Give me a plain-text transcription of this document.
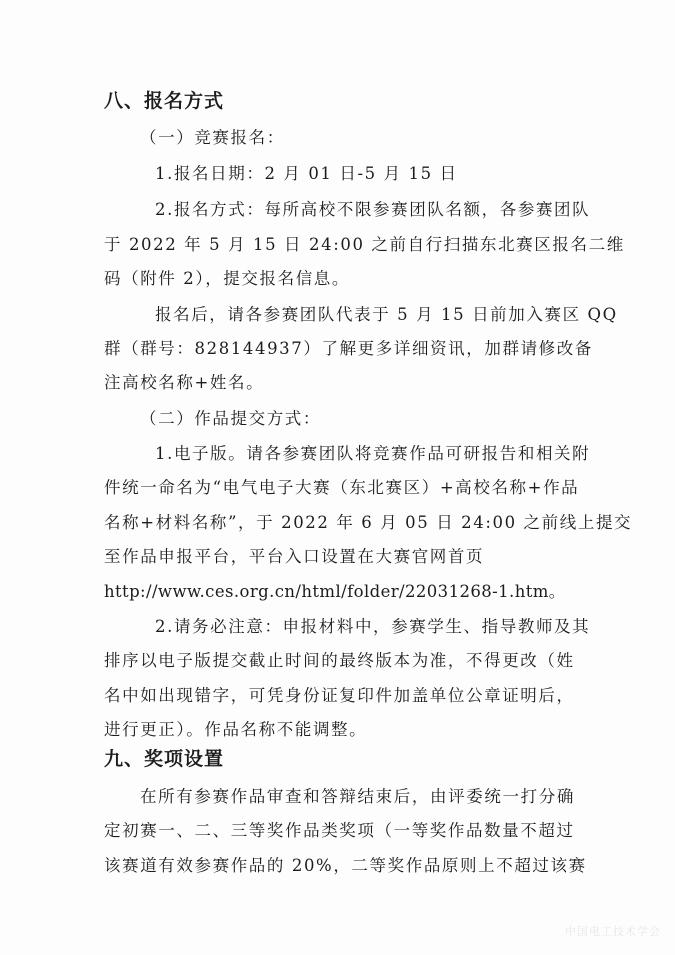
八、报名方式
（一）竞赛报名：
1.报名日期：2 月 01 日-5 月 15 日
2.报名方式：每所高校不限参赛团队名额，各参赛团队
于 2022 年 5 月 15 日 24:00 之前自行扫描东北赛区报名二维
码（附件 2），提交报名信息。
报名后，请各参赛团队代表于 5 月 15 日前加入赛区 QQ
群（群号：828144937）了解更多详细资讯，加群请修改备
注高校名称+姓名。
（二）作品提交方式：
1.电子版。请各参赛团队将竞赛作品可研报告和相关附
件统一命名为“电气电子大赛（东北赛区）+高校名称+作品
名称+材料名称”，于 2022 年 6 月 05 日 24:00 之前线上提交
至作品申报平台，平台入口设置在大赛官网首页
http://www.ces.org.cn/html/folder/22031268-1.htm。
2.请务必注意：申报材料中，参赛学生、指导教师及其
排序以电子版提交截止时间的最终版本为准，不得更改（姓
名中如出现错字，可凭身份证复印件加盖单位公章证明后，
进行更正）。作品名称不能调整。
九、奖项设置
在所有参赛作品审查和答辩结束后，由评委统一打分确
定初赛一、二、三等奖作品类奖项（一等奖作品数量不超过
该赛道有效参赛作品的 20%，二等奖作品原则上不超过该赛
中国电工技术学会
